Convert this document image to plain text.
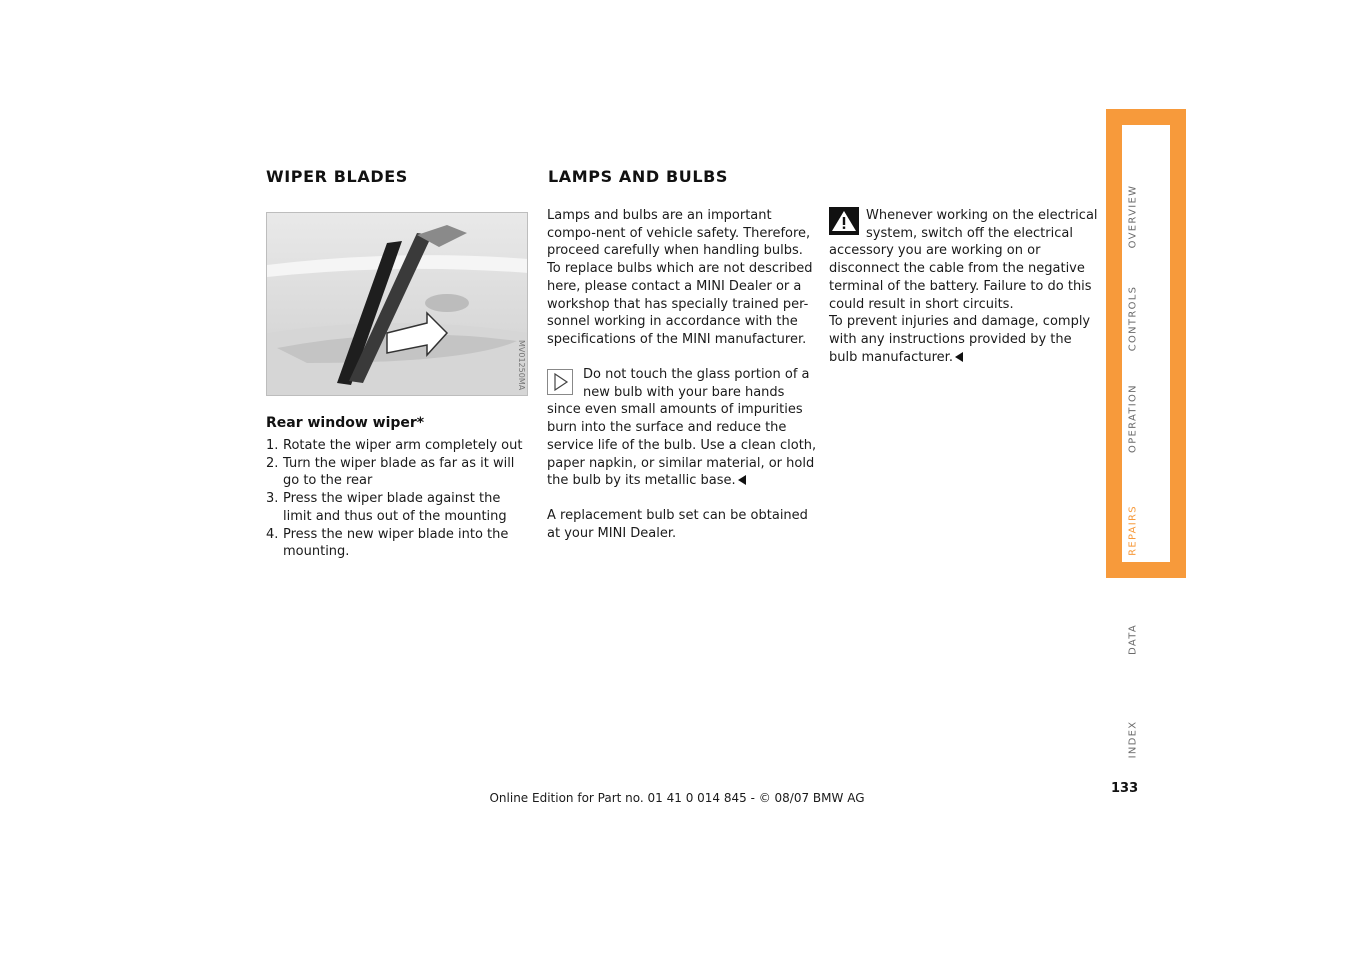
WIPER BLADES
MV01250MA
Rear window wiper*
1. Rotate the wiper arm completely out
2. Turn the wiper blade as far as it will go to the rear
3. Press the wiper blade against the limit and thus out of the mounting
4. Press the new wiper blade into the mounting.
LAMPS AND BULBS

Lamps and bulbs are an important compo-nent of vehicle safety. Therefore, proceed carefully when handling bulbs.

To replace bulbs which are not described here, please contact a MINI Dealer or a workshop that has specially trained per-sonnel working in accordance with the specifications of the MINI manufacturer.

Do not touch the glass portion of a new bulb with your bare hands since even small amounts of impurities burn into the surface and reduce the service life of the bulb. Use a clean cloth, paper napkin, or similar material, or hold the bulb by its metallic base.

A replacement bulb set can be obtained at your MINI Dealer.

Whenever working on the electrical system, switch off the electrical accessory you are working on or disconnect the cable from the negative terminal of the battery. Failure to do this could result in short circuits.

To prevent injuries and damage, comply with any instructions provided by the bulb manufacturer.

OVERVIEW
CONTROLS
OPERATION
REPAIRS
DATA
INDEX
133
Online Edition for Part no. 01 41 0 014 845 - © 08/07 BMW AG
